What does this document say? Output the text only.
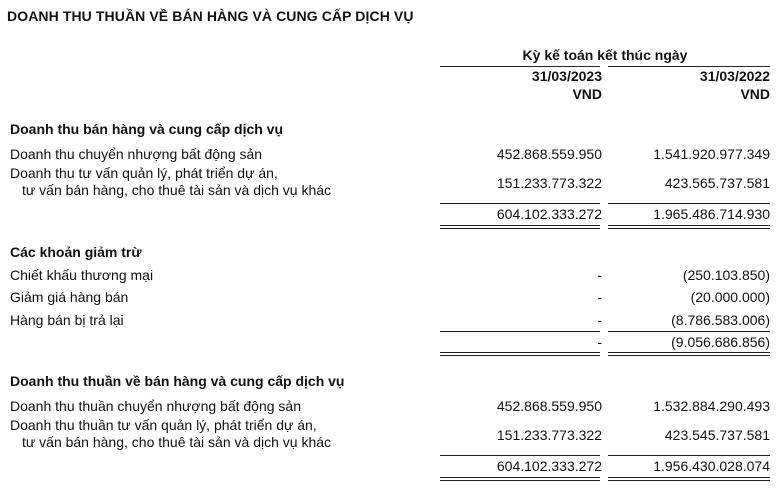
DOANH THU THUẦN VỀ BÁN HÀNG VÀ CUNG CẤP DỊCH VỤ
Kỳ kế toán kết thúc ngày
31/03/2023	31/03/2022
VND	VND
Doanh thu bán hàng và cung cấp dịch vụ
Doanh thu chuyển nhượng bất động sản	452.868.559.950	1.541.920.977.349
Doanh thu tư vấn quản lý, phát triển dự án,
tư vấn bán hàng, cho thuê tài sản và dịch vụ khác	151.233.773.322	423.565.737.581
604.102.333.272	1.965.486.714.930
Các khoản giảm trừ
Chiết khấu thương mại	-	(250.103.850)
Giảm giá hàng bán	-	(20.000.000)
Hàng bán bị trả lại	-	(8.786.583.006)
-	(9.056.686.856)
Doanh thu thuần về bán hàng và cung cấp dịch vụ
Doanh thu thuần chuyển nhượng bất động sản	452.868.559.950	1.532.884.290.493
Doanh thu thuần tư vấn quản lý, phát triển dự án,
tư vấn bán hàng, cho thuê tài sản và dịch vụ khác	151.233.773.322	423.545.737.581
604.102.333.272	1.956.430.028.074
